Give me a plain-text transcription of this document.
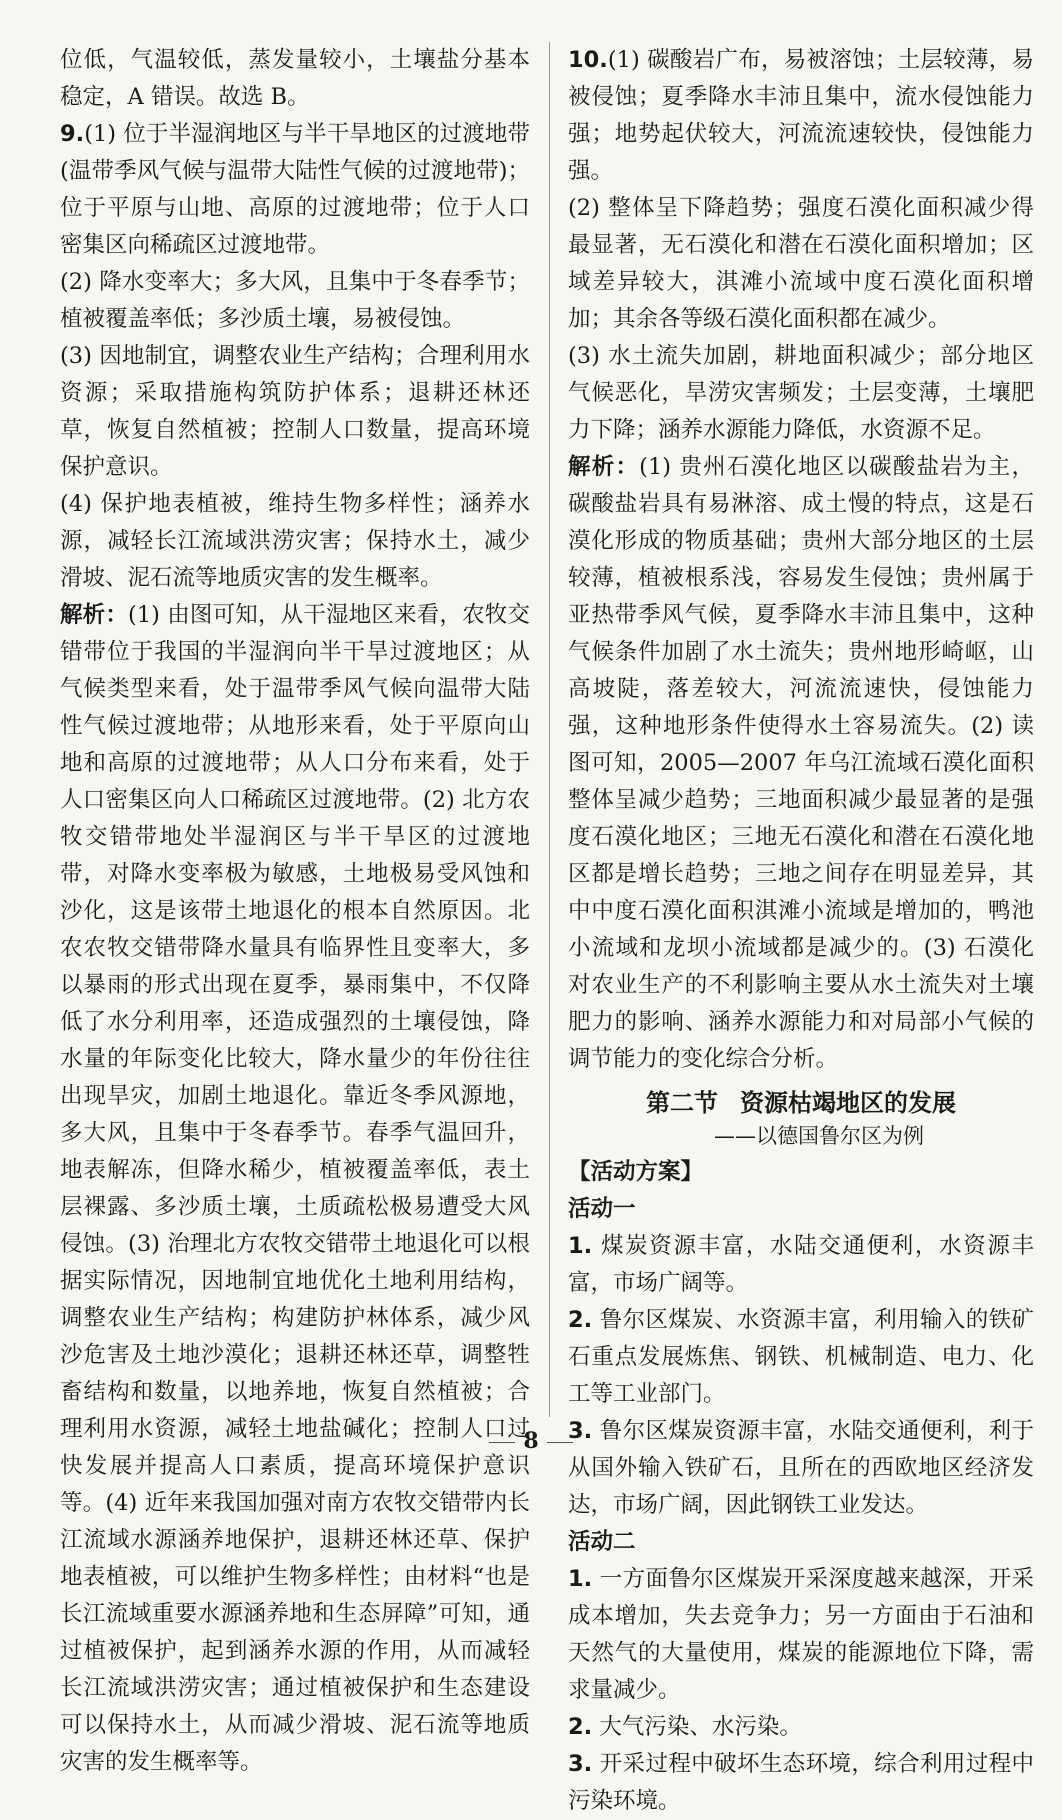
位低，气温较低，蒸发量较小，土壤盐分基本稳定，A 错误。故选 B。

9.(1) 位于半湿润地区与半干旱地区的过渡地带(温带季风气候与温带大陆性气候的过渡地带)；位于平原与山地、高原的过渡地带；位于人口密集区向稀疏区过渡地带。

(2) 降水变率大；多大风，且集中于冬春季节；植被覆盖率低；多沙质土壤，易被侵蚀。

(3) 因地制宜，调整农业生产结构；合理利用水资源；采取措施构筑防护体系；退耕还林还草，恢复自然植被；控制人口数量，提高环境保护意识。

(4) 保护地表植被，维持生物多样性；涵养水源，减轻长江流域洪涝灾害；保持水土，减少滑坡、泥石流等地质灾害的发生概率。

解析：(1) 由图可知，从干湿地区来看，农牧交错带位于我国的半湿润向半干旱过渡地区；从气候类型来看，处于温带季风气候向温带大陆性气候过渡地带；从地形来看，处于平原向山地和高原的过渡地带；从人口分布来看，处于人口密集区向人口稀疏区过渡地带。(2) 北方农牧交错带地处半湿润区与半干旱区的过渡地带，对降水变率极为敏感，土地极易受风蚀和沙化，这是该带土地退化的根本自然原因。北农农牧交错带降水量具有临界性且变率大，多以暴雨的形式出现在夏季，暴雨集中，不仅降低了水分利用率，还造成强烈的土壤侵蚀，降水量的年际变化比较大，降水量少的年份往往出现旱灾，加剧土地退化。靠近冬季风源地，多大风，且集中于冬春季节。春季气温回升，地表解冻，但降水稀少，植被覆盖率低，表土层裸露、多沙质土壤，土质疏松极易遭受大风侵蚀。(3) 治理北方农牧交错带土地退化可以根据实际情况，因地制宜地优化土地利用结构，调整农业生产结构；构建防护林体系，减少风沙危害及土地沙漠化；退耕还林还草，调整牲畜结构和数量，以地养地，恢复自然植被；合理利用水资源，减轻土地盐碱化；控制人口过快发展并提高人口素质，提高环境保护意识等。(4) 近年来我国加强对南方农牧交错带内长江流域水源涵养地保护，退耕还林还草、保护地表植被，可以维护生物多样性；由材料“也是长江流域重要水源涵养地和生态屏障”可知，通过植被保护，起到涵养水源的作用，从而减轻长江流域洪涝灾害；通过植被保护和生态建设可以保持水土，从而减少滑坡、泥石流等地质灾害的发生概率等。

10.(1) 碳酸岩广布，易被溶蚀；土层较薄，易被侵蚀；夏季降水丰沛且集中，流水侵蚀能力强；地势起伏较大，河流流速较快，侵蚀能力强。

(2) 整体呈下降趋势；强度石漠化面积减少得最显著，无石漠化和潜在石漠化面积增加；区域差异较大，淇滩小流域中度石漠化面积增加；其余各等级石漠化面积都在减少。

(3) 水土流失加剧，耕地面积减少；部分地区气候恶化，旱涝灾害频发；土层变薄，土壤肥力下降；涵养水源能力降低，水资源不足。

解析：(1) 贵州石漠化地区以碳酸盐岩为主，碳酸盐岩具有易淋溶、成土慢的特点，这是石漠化形成的物质基础；贵州大部分地区的土层较薄，植被根系浅，容易发生侵蚀；贵州属于亚热带季风气候，夏季降水丰沛且集中，这种气候条件加剧了水土流失；贵州地形崎岖，山高坡陡，落差较大，河流流速快，侵蚀能力强，这种地形条件使得水土容易流失。(2) 读图可知，2005—2007 年乌江流域石漠化面积整体呈减少趋势；三地面积减少最显著的是强度石漠化地区；三地无石漠化和潜在石漠化地区都是增长趋势；三地之间存在明显差异，其中中度石漠化面积淇滩小流域是增加的，鸭池小流域和龙坝小流域都是减少的。(3) 石漠化对农业生产的不利影响主要从水土流失对土壤肥力的影响、涵养水源能力和对局部小气候的调节能力的变化综合分析。

第二节 资源枯竭地区的发展
——以德国鲁尔区为例

【活动方案】

活动一

1. 煤炭资源丰富，水陆交通便利，水资源丰富，市场广阔等。

2. 鲁尔区煤炭、水资源丰富，利用输入的铁矿石重点发展炼焦、钢铁、机械制造、电力、化工等工业部门。

3. 鲁尔区煤炭资源丰富，水陆交通便利，利于从国外输入铁矿石，且所在的西欧地区经济发达，市场广阔，因此钢铁工业发达。

活动二

1. 一方面鲁尔区煤炭开采深度越来越深，开采成本增加，失去竞争力；另一方面由于石油和天然气的大量使用，煤炭的能源地位下降，需求量减少。

2. 大气污染、水污染。

3. 开采过程中破坏生态环境，综合利用过程中污染环境。

8
